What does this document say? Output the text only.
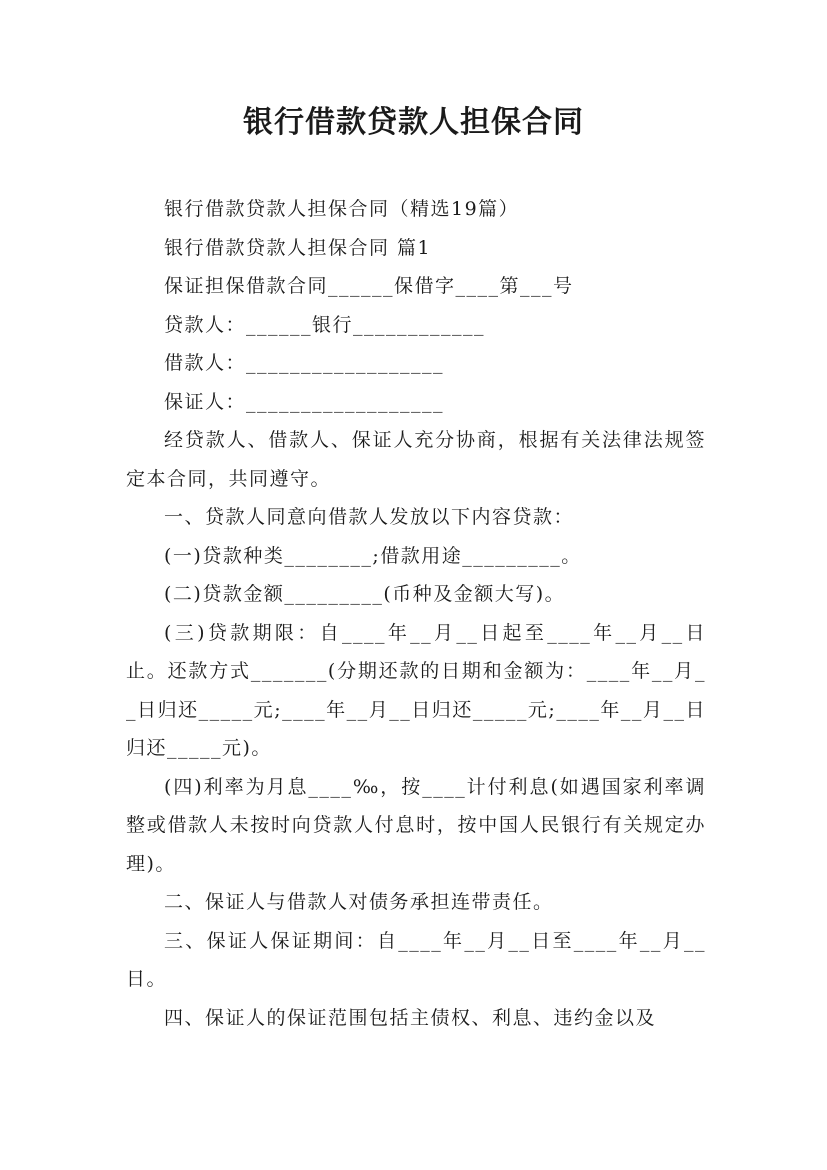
银行借款贷款人担保合同

银行借款贷款人担保合同（精选19篇）

银行借款贷款人担保合同 篇1

保证担保借款合同______保借字____第___号

贷款人：______银行____________

借款人：__________________

保证人：__________________

经贷款人、借款人、保证人充分协商，根据有关法律法规签定本合同，共同遵守。

一、贷款人同意向借款人发放以下内容贷款：

(一)贷款种类________;借款用途_________。

(二)贷款金额_________(币种及金额大写)。

(三)贷款期限：自____年__月__日起至____年__月__日止。还款方式_______(分期还款的日期和金额为：____年__月__日归还_____元;____年__月__日归还_____元;____年__月__日归还_____元)。

(四)利率为月息____‰，按____计付利息(如遇国家利率调整或借款人未按时向贷款人付息时，按中国人民银行有关规定办理)。

二、保证人与借款人对债务承担连带责任。

三、保证人保证期间：自____年__月__日至____年__月__日。

四、保证人的保证范围包括主债权、利息、违约金以及
